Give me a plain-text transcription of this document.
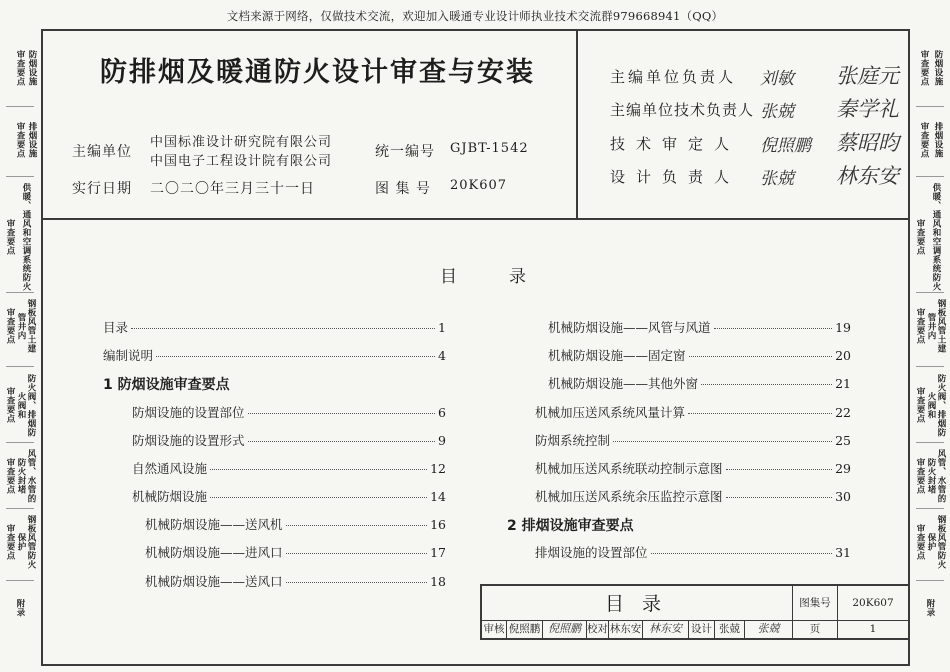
文档来源于网络，仅做技术交流，欢迎加入暖通专业设计师执业技术交流群979668941（QQ）
审查要点 防烟设施
审查要点 排烟设施
审查要点 供暖、通风和空调系统防火
审查要点	钢板风管土建管井内
审查要点	防火阀、排烟防火阀和
审查要点	风管、水管的防火封堵
审查要点	钢板风管防火保护
附录
审查要点 防烟设施
审查要点 排烟设施
审查要点 供暖、通风和空调系统防火
审查要点	钢板风管土建管井内
审查要点	防火阀、排烟防火阀和
审查要点	风管、水管的防火封堵
审查要点	钢板风管防火保护
附录
防排烟及暖通防火设计审查与安装
主编单位
中国标准设计研究院有限公司
中国电子工程设计院有限公司
统一编号 GJBT-1542
实行日期 二〇二〇年三月三十一日	图 集 号 20K607
主编单位负责人 刘敏 张庭元
主编单位技术负责人 张兢 秦学礼
技术审定人 倪照鹏 蔡昭昀
设计负责人 张兢 林东安
目录
目录	1
编制说明	4
1 防烟设施审查要点
防烟设施的设置部位	6
防烟设施的设置形式	9
自然通风设施	12
机械防烟设施	14
机械防烟设施——送风机	16
机械防烟设施——进风口	17
机械防烟设施——送风口	18
机械防烟设施——风管与风道	19
机械防烟设施——固定窗	20
机械防烟设施——其他外窗	21
机械加压送风系统风量计算	22
防烟系统控制	25
机械加压送风系统联动控制示意图	29
机械加压送风系统余压监控示意图	30
2 排烟设施审查要点
排烟设施的设置部位	31
目录	图集号	20K607
审核 倪照鹏 倪照鹏 校对 林东安 林东安 设计 张兢	张兢	页	1
